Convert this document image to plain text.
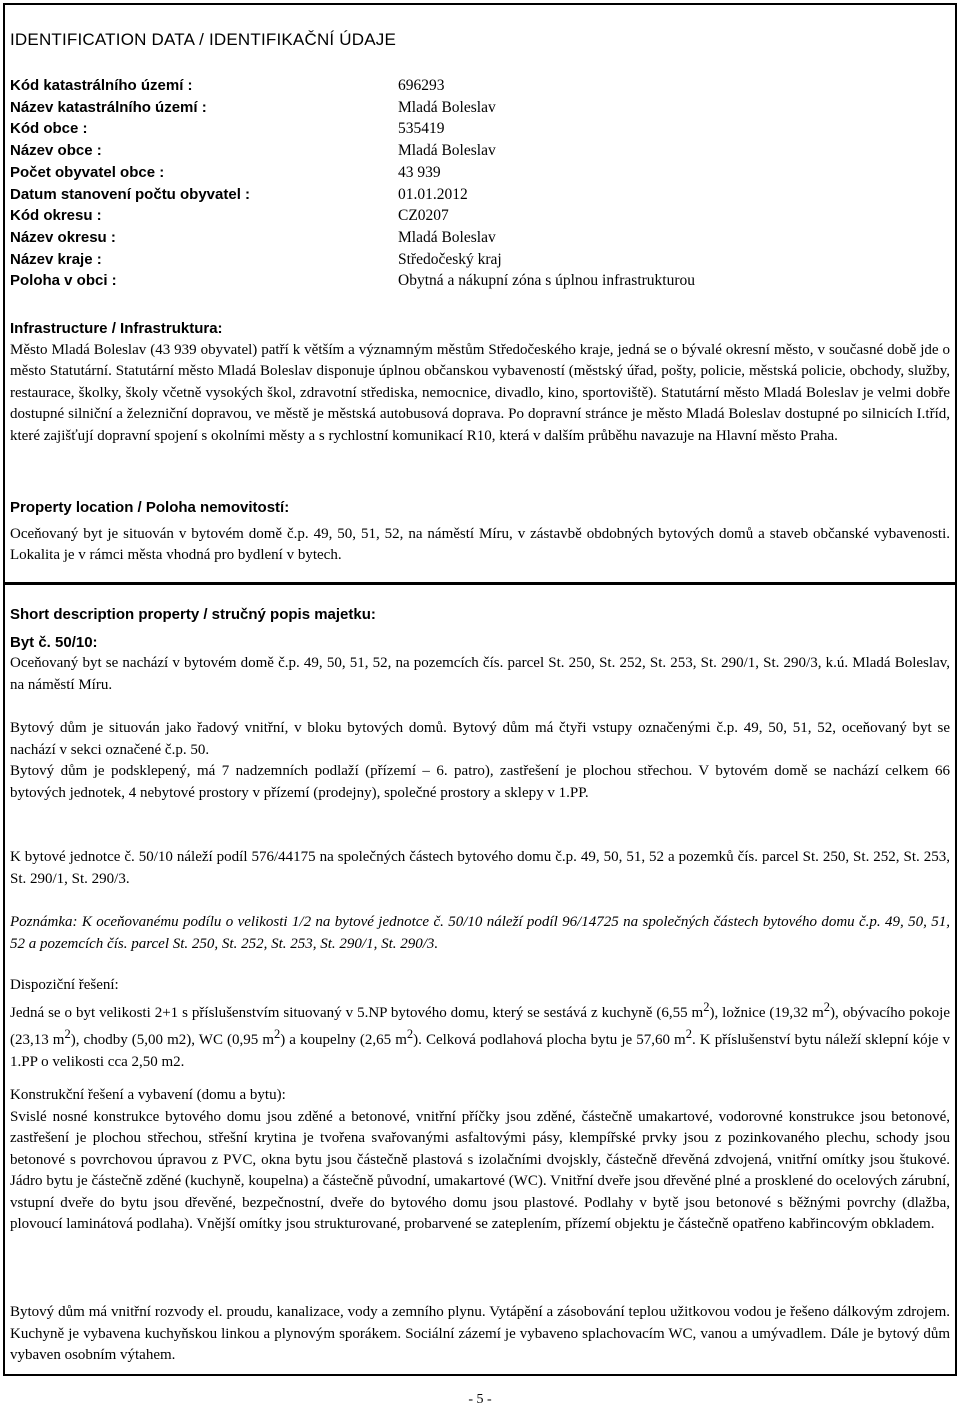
IDENTIFICATION DATA / IDENTIFIKAČNÍ ÚDAJE
Kód katastrálního území :	696293
Název katastrálního území :	Mladá Boleslav
Kód obce :	535419
Název obce :	Mladá Boleslav
Počet obyvatel obce :	43 939
Datum stanovení počtu obyvatel :	01.01.2012
Kód okresu :	CZ0207
Název okresu :	Mladá Boleslav
Název kraje :	Středočeský kraj
Poloha v obci :	Obytná a nákupní zóna s úplnou infrastrukturou
Infrastructure / Infrastruktura:

Město Mladá Boleslav (43 939 obyvatel) patří k větším a významným městům Středočeského kraje, jedná se o bývalé okresní město, v současné době jde o město Statutární. Statutární město Mladá Boleslav disponuje úplnou občanskou vybaveností (městský úřad, pošty, policie, městská policie, obchody, služby, restaurace, školky, školy včetně vysokých škol, zdravotní střediska, nemocnice, divadlo, kino, sportoviště). Statutární město Mladá Boleslav je velmi dobře dostupné silniční a železniční dopravou, ve městě je městská autobusová doprava. Po dopravní stránce je město Mladá Boleslav dostupné po silnicích I.tříd, které zajišťují dopravní spojení s okolními městy a s rychlostní komunikací R10, která v dalším průběhu navazuje na Hlavní město Praha.

Property location / Poloha nemovitostí:

Oceňovaný byt je situován v bytovém domě č.p. 49, 50, 51, 52, na náměstí Míru, v zástavbě obdobných bytových domů a staveb občanské vybavenosti. Lokalita je v rámci města vhodná pro bydlení v bytech.

Short description property / stručný popis majetku:
Byt č. 50/10:

Oceňovaný byt se nachází v bytovém domě č.p. 49, 50, 51, 52, na pozemcích čís. parcel St. 250, St. 252, St. 253, St. 290/1, St. 290/3, k.ú. Mladá Boleslav, na náměstí Míru.

Bytový dům je situován jako řadový vnitřní, v bloku bytových domů. Bytový dům má čtyři vstupy označenými č.p. 49, 50, 51, 52, oceňovaný byt se nachází v sekci označené č.p. 50.

Bytový dům je podsklepený, má 7 nadzemních podlaží (přízemí – 6. patro), zastřešení je plochou střechou. V bytovém domě se nachází celkem 66 bytových jednotek, 4 nebytové prostory v přízemí (prodejny), společné prostory a sklepy v 1.PP.

K bytové jednotce č. 50/10 náleží podíl 576/44175 na společných částech bytového domu č.p. 49, 50, 51, 52 a pozemků čís. parcel St. 250, St. 252, St. 253, St. 290/1, St. 290/3.

Poznámka: K oceňovanému podílu o velikosti 1/2 na bytové jednotce č. 50/10 náleží podíl 96/14725 na společných částech bytového domu č.p. 49, 50, 51, 52 a pozemcích čís. parcel St. 250, St. 252, St. 253, St. 290/1, St. 290/3.

Dispoziční řešení:

Jedná se o byt velikosti 2+1 s příslušenstvím situovaný v 5.NP bytového domu, který se sestává z kuchyně (6,55 $m^2$), ložnice (19,32 $m^2$), obývacího pokoje (23,13 $m^2$), chodby (5,00 m2), WC (0,95 $m^2$) a koupelny (2,65 $m^2$). Celková podlahová plocha bytu je 57,60 $m^2$. K příslušenství bytu náleží sklepní kóje v 1.PP o velikosti cca 2,50 m2.

Konstrukční řešení a vybavení (domu a bytu):

Svislé nosné konstrukce bytového domu jsou zděné a betonové, vnitřní příčky jsou zděné, částečně umakartové, vodorovné konstrukce jsou betonové, zastřešení je plochou střechou, střešní krytina je tvořena svařovanými asfaltovými pásy, klempířské prvky jsou z pozinkovaného plechu, schody jsou betonové s povrchovou úpravou z PVC, okna bytu jsou částečně plastová s izolačními dvojskly, částečně dřevěná zdvojená, vnitřní omítky jsou štukové. Jádro bytu je částečně zděné (kuchyně, koupelna) a částečně původní, umakartové (WC). Vnitřní dveře jsou dřevěné plné a prosklené do ocelových zárubní, vstupní dveře do bytu jsou dřevěné, bezpečnostní, dveře do bytového domu jsou plastové. Podlahy v bytě jsou betonové s běžnými povrchy (dlažba, plovoucí laminátová podlaha). Vnější omítky jsou strukturované, probarvené se zateplením, přízemí objektu je částečně opatřeno kabřincovým obkladem.

Bytový dům má vnitřní rozvody el. proudu, kanalizace, vody a zemního plynu. Vytápění a zásobování teplou užitkovou vodou je řešeno dálkovým zdrojem. Kuchyně je vybavena kuchyňskou linkou a plynovým sporákem. Sociální zázemí je vybaveno splachovacím WC, vanou a umývadlem. Dále je bytový dům vybaven osobním výtahem.

- 5 -
